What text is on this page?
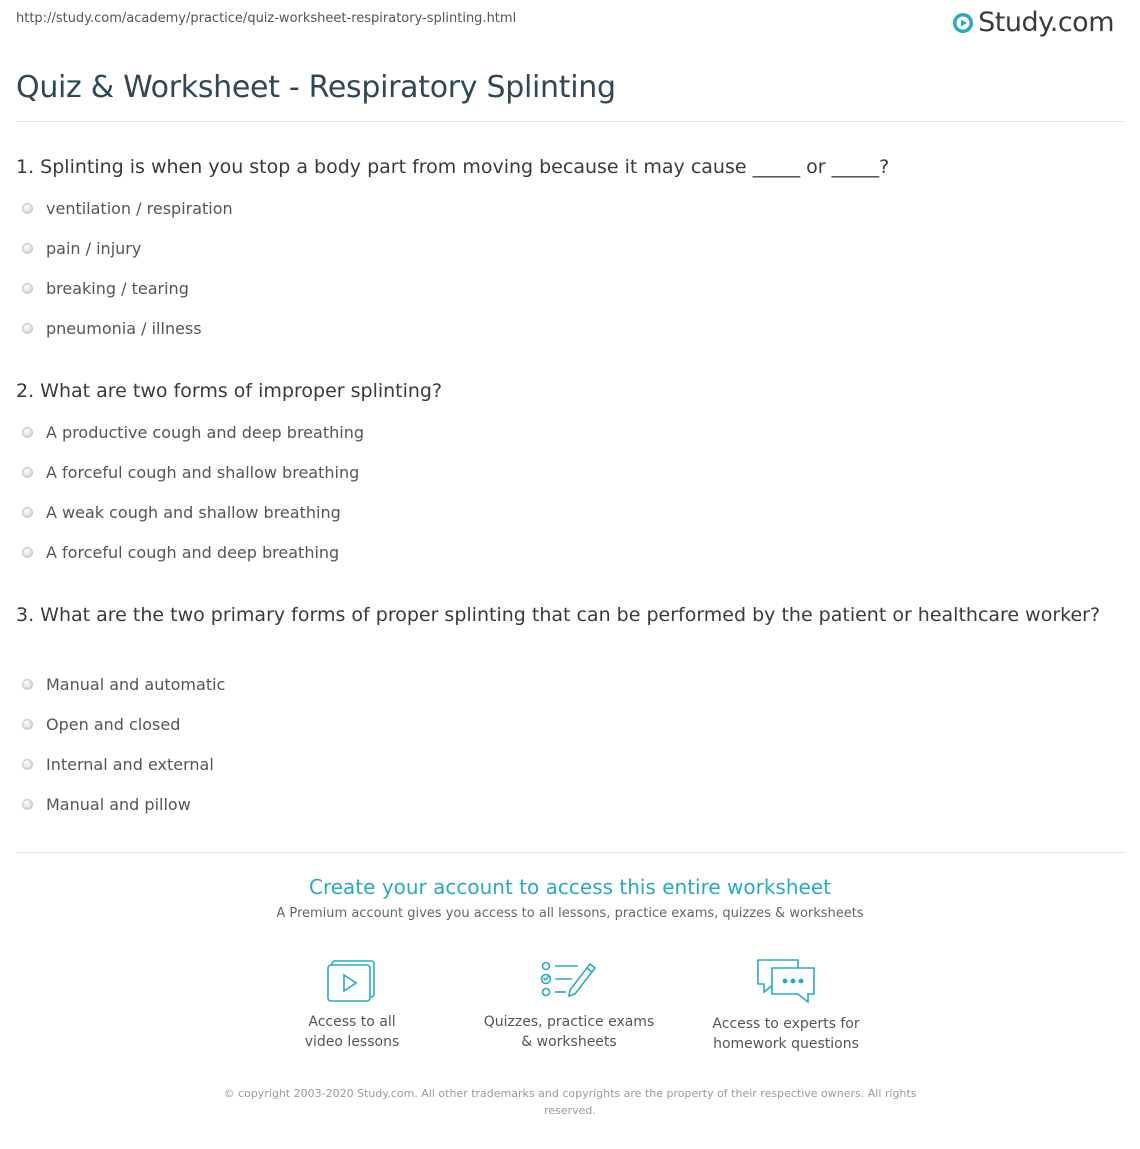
http://study.com/academy/practice/quiz-worksheet-respiratory-splinting.html	Study.com
Quiz & Worksheet - Respiratory Splinting
1. Splinting is when you stop a body part from moving because it may cause _____ or _____?
ventilation / respiration
pain / injury
breaking / tearing
pneumonia / illness
2. What are two forms of improper splinting?
A productive cough and deep breathing
A forceful cough and shallow breathing
A weak cough and shallow breathing
A forceful cough and deep breathing
3. What are the two primary forms of proper splinting that can be performed by the patient or healthcare worker?
Manual and automatic
Open and closed
Internal and external
Manual and pillow
Create your account to access this entire worksheet
A Premium account gives you access to all lessons, practice exams, quizzes & worksheets
Access to all
video lessons
Quizzes, practice exams
& worksheets
Access to experts for
homework questions
© copyright 2003-2020 Study.com. All other trademarks and copyrights are the property of their respective owners. All rights reserved.
